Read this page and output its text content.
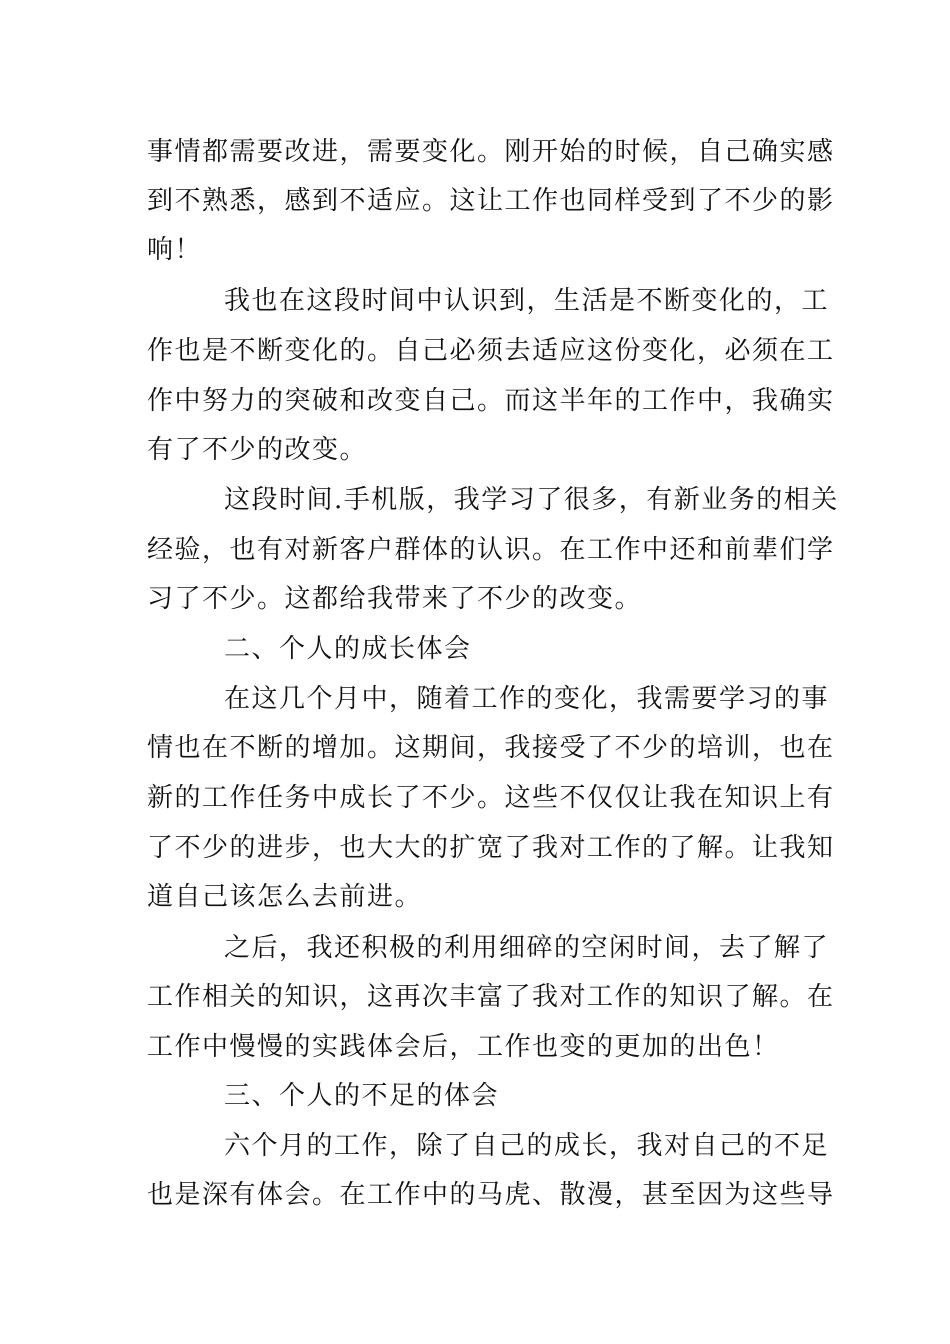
事情都需要改进，需要变化。刚开始的时候，自己确实感
到不熟悉，感到不适应。这让工作也同样受到了不少的影
响！
我也在这段时间中认识到，生活是不断变化的，工
作也是不断变化的。自己必须去适应这份变化，必须在工
作中努力的突破和改变自己。而这半年的工作中，我确实
有了不少的改变。
这段时间.手机版，我学习了很多，有新业务的相关
经验，也有对新客户群体的认识。在工作中还和前辈们学
习了不少。这都给我带来了不少的改变。
二、个人的成长体会
在这几个月中，随着工作的变化，我需要学习的事
情也在不断的增加。这期间，我接受了不少的培训，也在
新的工作任务中成长了不少。这些不仅仅让我在知识上有
了不少的进步，也大大的扩宽了我对工作的了解。让我知
道自己该怎么去前进。
之后，我还积极的利用细碎的空闲时间，去了解了
工作相关的知识，这再次丰富了我对工作的知识了解。在
工作中慢慢的实践体会后，工作也变的更加的出色！
三、个人的不足的体会
六个月的工作，除了自己的成长，我对自己的不足
也是深有体会。在工作中的马虎、散漫，甚至因为这些导
